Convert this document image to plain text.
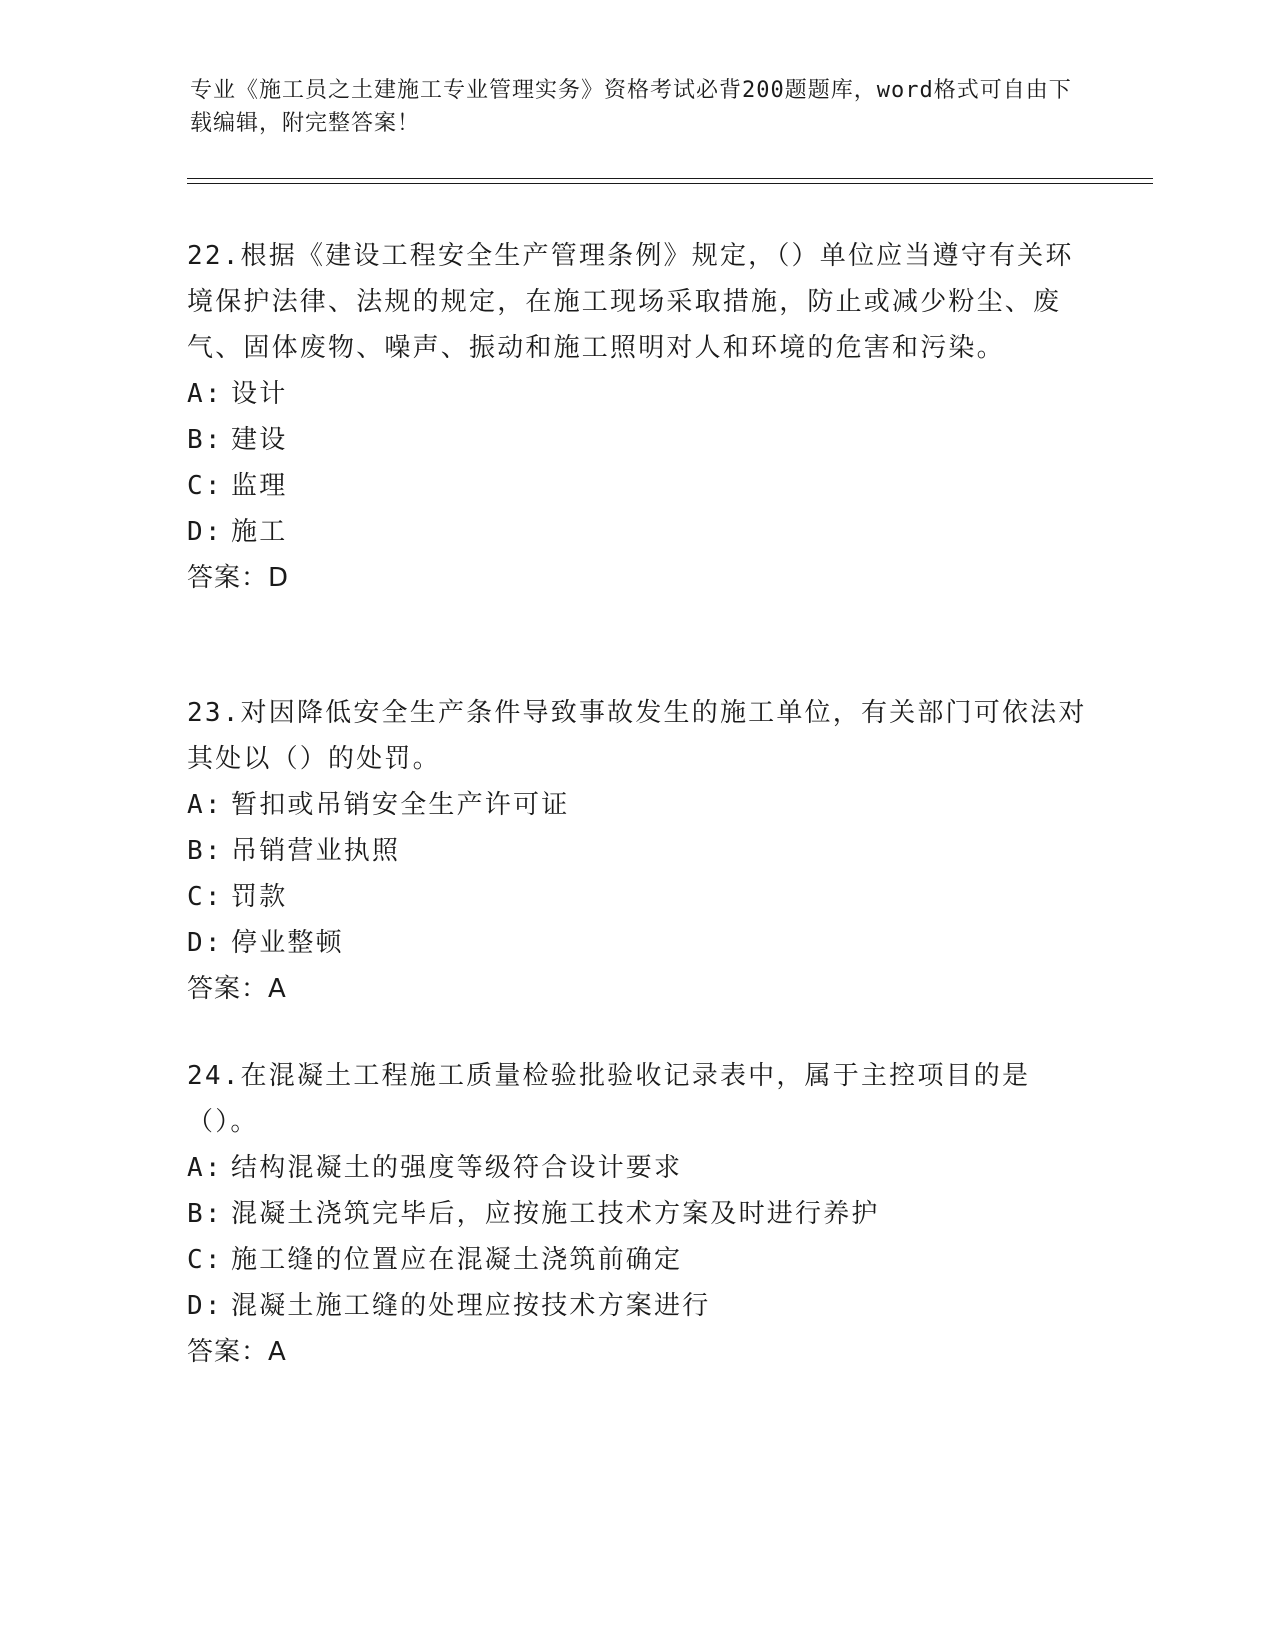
专业《施工员之土建施工专业管理实务》资格考试必背200题题库，word格式可自由下载编辑，附完整答案！
22.根据《建设工程安全生产管理条例》规定，（）单位应当遵守有关环境保护法律、法规的规定，在施工现场采取措施，防止或减少粉尘、废气、固体废物、噪声、振动和施工照明对人和环境的危害和污染。
A: 设计
B: 建设
C: 监理
D: 施工
答案：D
23.对因降低安全生产条件导致事故发生的施工单位，有关部门可依法对其处以（）的处罚。
A: 暂扣或吊销安全生产许可证
B: 吊销营业执照
C: 罚款
D: 停业整顿
答案：A
24.在混凝土工程施工质量检验批验收记录表中，属于主控项目的是（）。
A: 结构混凝土的强度等级符合设计要求
B: 混凝土浇筑完毕后，应按施工技术方案及时进行养护
C: 施工缝的位置应在混凝土浇筑前确定
D: 混凝土施工缝的处理应按技术方案进行
答案：A
